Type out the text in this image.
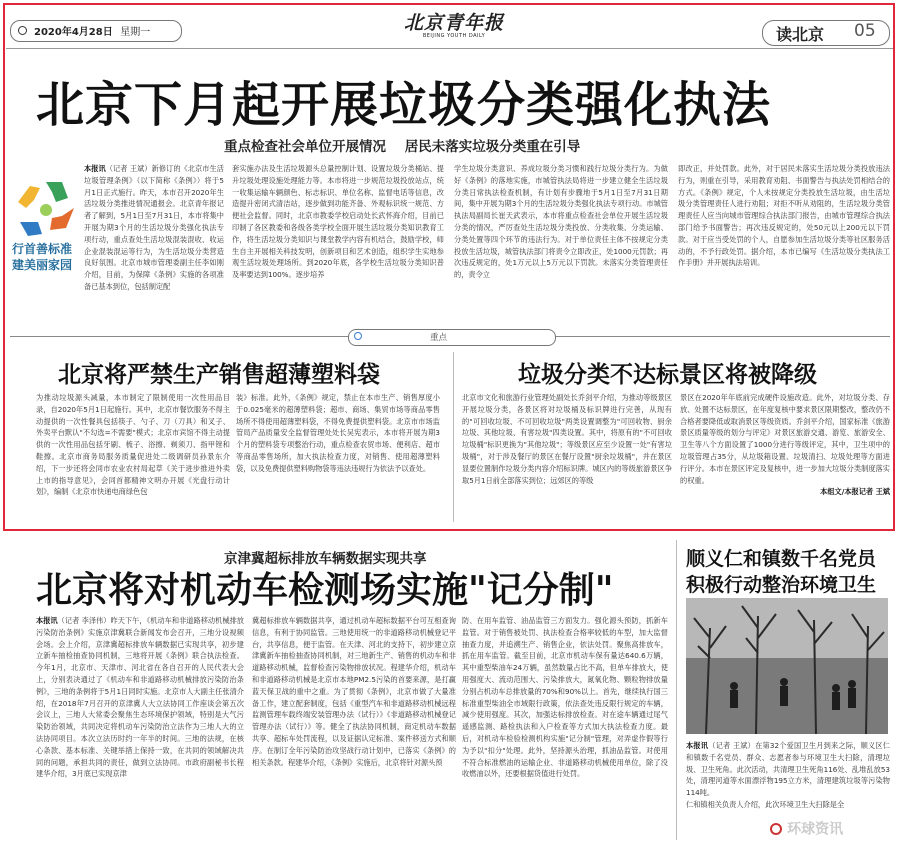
2020年4月28日 星期一	北京青年报
BEIJING YOUTH DAILY	读北京 05
北京下月起开展垃圾分类强化执法
重点检查社会单位开展情况 居民未落实垃圾分类重在引导
行首善标准
建美丽家园
本报讯（记者 王斌）新修订的《北京市生活垃圾管理条例》（以下简称《条例》）将于5月1日正式施行。昨天，本市召开2020年生活垃圾分类推进情况通报会。北京青年报记者了解到，5月1日至7月31日，本市将集中开展为期3个月的生活垃圾分类强化执法专项行动，重点查处生活垃圾混装混收、收运企业混装混运等行为，为生活垃圾分类营造良好氛围。北京市城市管理委副主任李如刚介绍，目前，为保障《条例》实施的各项准备已基本到位，包括制定配
套实施办法及生活垃圾源头总量控制计划、设置垃圾分类桶站、提升垃圾处理设施处理能力等。本市将进一步规范垃圾投放站点，统一收集运输车辆颜色、标志标识、单位名称、监督电话等信息，改造提升密闭式清洁站，逐步做到功能齐备、外观标识统一规范、方便社会监督。同时，北京市教委学校启动处长武怀海介绍，目前已印制了各区教委和各级各类学校全面开展生活垃圾分类知识教育工作，将生活垃圾分类知识与课堂教学内容有机结合，鼓励学校，师生自主开展相关科技发明，创新项目和艺术创造，组织学生实地参观生活垃圾处理场所。到2020年底，各学校生活垃圾分类知识普及率要达到100%。逐步培养
学生垃圾分类意识、养成垃圾分类习惯和践行垃圾分类行为。为做好《条例》的落地实施，市城管执法局将进一步建立健全生活垃圾分类日常执法检查机制，有计划有步骤地于5月1日至7月31日期间，集中开展为期3个月的生活垃圾分类强化执法专项行动。市城管执法局副局长崔天武表示，本市将重点检查社会单位开展生活垃圾分类的情况，严厉查处生活垃圾分类投放、分类收集、分类运输、分类处置等四个环节的违法行为。对于单位责任主体不按规定分类投放生活垃圾，城管执法部门将责令立即改正，处1000元罚款；再次违反规定的，处1万元以上5万元以下罚款。未落实分类管理责任的，责令立
即改正，并处罚款。此外，对于居民未落实生活垃圾分类投放违法行为，则重在引导，采用教育劝阻、书面警告与执法处罚相结合的方式。《条例》规定，个人未按规定分类投放生活垃圾，由生活垃圾分类管理责任人进行劝阻；对拒不听从劝阻的，生活垃圾分类管理责任人应当向城市管理综合执法部门报告，由城市管理综合执法部门给予书面警告；再次违反规定的，处50元以上200元以下罚款。对于应当受处罚的个人，自愿参加生活垃圾分类等社区服务活动的，不予行政处罚。据介绍，本市已编写《生活垃圾分类执法工作手册》并开展执法培训。
重点
北京将严禁生产销售超薄塑料袋
为推动垃圾源头减量，本市制定了限制使用一次性用品目录，自2020年5月1日起施行。其中，北京市餐饮服务不得主动提供的一次性餐具包括筷子、勺子、刀（刀具）和叉子、外卖平台默认"不勾选=不需要"模式；北京市宾馆不得主动提供的一次性用品包括牙刷、梳子、浴擦、剃须刀、指甲锉和鞋擦。北京市商务局服务质量促进处二级调研员孙景东介绍，下一步还将会同市农业农村局起草《关于进步推进外卖上市的指导意见》，会同首都精神文明办开展《光盘行动计划》，编制《北京市快递电商绿色包
装》标准。此外，《条例》规定，禁止在本市生产、销售厚度小于0.025毫米的超薄塑料袋；超市、商场、集贸市场等商品零售场所不得使用超薄塑料袋，不得免费提供塑料袋。北京市市场监管局产品质量安全监督管理处处长吴宪表示，本市将开展为期3个月的塑料袋专项整治行动，重点检查农贸市场、便利店、超市等商品零售场所，加大执法检查力度，对销售、使用超薄塑料袋，以及免费提供塑料购物袋等违法违规行为依法予以查处。
垃圾分类不达标景区将被降级
北京市文化和旅游行业管理处副处长乔剑平介绍，为推动等级景区开展垃圾分类，各景区将对垃圾桶及标识牌进行完善，从现有的"可回收垃圾、不可回收垃圾"两类设置调整为"可回收物、厨余垃圾、其他垃圾、有害垃圾"四类设置。其中，将原有的"不可回收垃圾桶"标识更换为"其他垃圾"；等级景区应至少设置一处"有害垃圾桶"，对于涉及餐厅的景区在餐厅设置"厨余垃圾桶"，并在景区显要位置制作垃圾分类内容介绍标识牌。城区内的等级旅游景区争取5月1日前全部落实到位；远郊区的等级
景区在2020年年底前完成硬件设施改造。此外，对垃圾分类、存放、处置不达标景区，在年度复核中要求景区限期整改，整改仍不合格者要降低或取消景区等级资质。乔剑平介绍，国家标准《旅游景区质量等级的划分与评定》对景区旅游交通、游览、旅游安全、卫生等八个方面设置了1000分进行等级评定，其中，卫生项中的垃圾管理占35分，从垃圾箱设置、垃圾清扫、垃圾处理等方面进行评分。本市在景区评定及复核中，进一步加大垃圾分类制度落实的权重。
本组文/本报记者 王斌
京津冀超标排放车辆数据实现共享
北京将对机动车检测场实施"记分制"
本报讯（记者 李泽伟）昨天下午，《机动车和非道路移动机械排放污染防治条例》实施京津冀联合新闻发布会召开，三地分设视频会场。会上介绍，京津冀超标排放车辆数据已实现共享，初步建立新车抽检抽查协同机制，三地将开展《条例》联合执法检查。今年1月，北京市、天津市、河北省在各自召开的人民代表大会上，分别表决通过了《机动车和非道路移动机械排放污染防治条例》，三地的条例将于5月1日同时实施。北京市人大副主任张清介绍，在2018年7月召开的京津冀人大立法协同工作座谈会第五次会议上，三地人大常委会聚焦生态环境保护领域，特别是大气污染防治领域，共同决定将机动车污染防治立法作为三地人大的立法协同项目。本次立法历时约一年半的时间。三地的法规，在核心条款、基本标准、关键举措上保持一致，在共同的领域解决共同的问题，承担共同的责任，做到立法协同。市政府副秘书长程建华介绍，3月底已实现京津
冀超标排放车辆数据共享，通过机动车超标数据平台可互相查询信息，有利于协同监管。三地使用统一的非道路移动机械登记平台，共享信息，便于监管。在天津、河北的支持下，初步建立京津冀新车抽检抽查协同机制，对三地新生产、销售的机动车和非道路移动机械，监督检查污染物排放状况。程建华介绍，机动车和非道路移动机械是北京市本地PM2.5污染的首要来源，是打赢蓝天保卫战的重中之重。为了贯彻《条例》，北京市做了大量准备工作，建立配套制度，包括《重型汽车和非道路移动机械远程监测管理车载终端安装管理办法（试行）》《非道路移动机械登记管理办法（试行）》等。健全了执法协同机制，商定机动车数据共享、超标车处罚流程，以及证据认定标准、案件移送方式和顺序。在制订全年污染防治攻坚战行动计划中，已落实《条例》的相关条款。程建华介绍，《条例》实施后，北京将针对源头预
防、在用车监管、油品监管三方面发力。强化源头预防，抓新车监管。对于销售被处罚、执法检查合格率较低的车型，加大监督抽查力度，并追溯生产、销售企业，依法处罚。聚焦高排放车，抓在用车监管。截至目前，北京市机动车保有量达640.6万辆，其中重型柴油车24万辆，虽然数量占比不高，但单车排放大，使用强度大、流动范围大、污染排放大，氮氧化物、颗粒物排放量分别占机动车总排放量的70%和90%以上。首先，继续执行国三标准重型柴油全市域限行政策，依法查处违反限行规定的车辆，减少使用强度。其次，加强达标排放检查。对在途车辆通过尾气遥感监测、路检执法和入户检查等方式加大执法检查力度。最后，对机动车检验检测机构实施"记分制"管理，对弄虚作假等行为予以"扣分"处理。此外，坚持源头治理，抓油品监管。对使用不符合标准燃油的运输企业、非道路移动机械使用单位，除了没收燃油以外，还要根据货值进行处罚。
顺义仁和镇数千名党员
积极行动整治环境卫生
本报讯（记者 王斌）在第32个爱国卫生月到来之际，顺义区仁和镇数千名党员、群众、志愿者参与环境卫生大扫除，清理垃圾、卫生死角。此次活动，共清理卫生死角116处、乱堆乱放53处，清理河道等水面漂浮物195立方米，清理建筑垃圾等污染物114吨。
仁和镇相关负责人介绍，此次环境卫生大扫除是全
环球资讯
